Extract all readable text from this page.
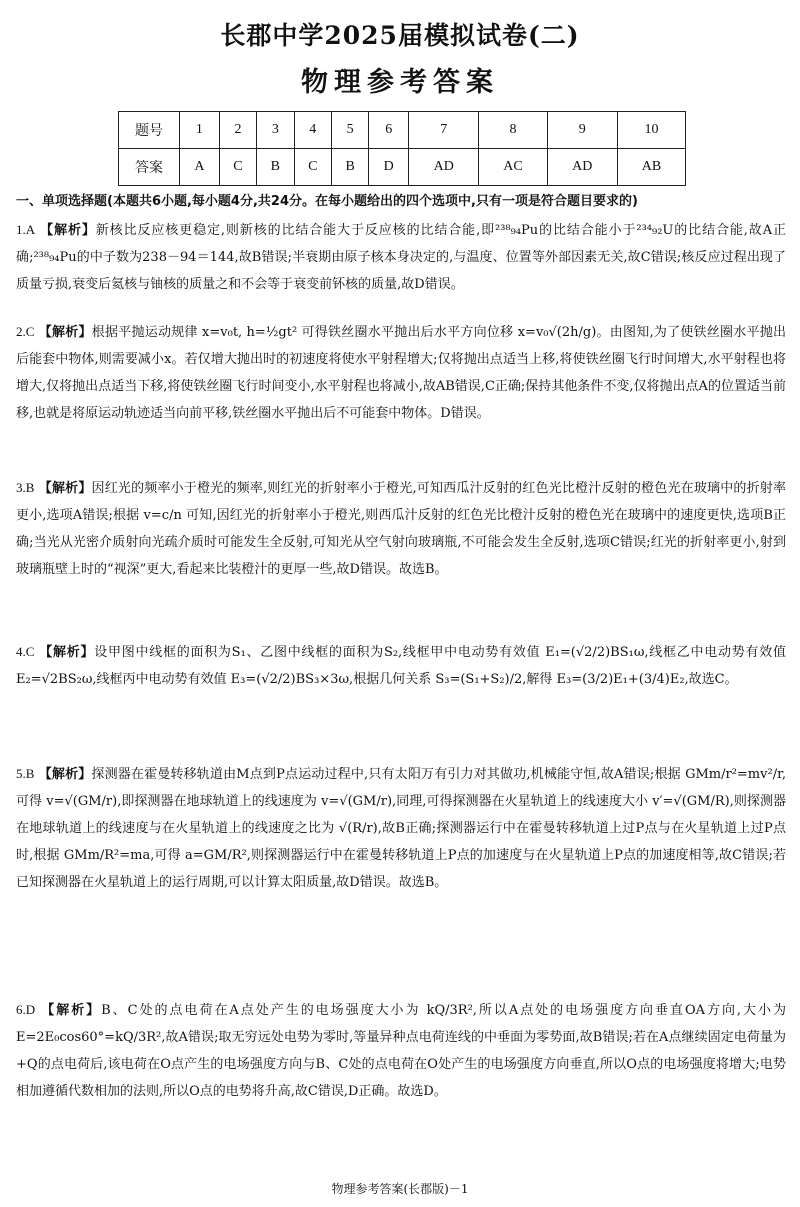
长郡中学2025届模拟试卷(二)
物理参考答案
题号	1	2	3	4	5	6	7	8	9	10
答案	A	C	B	C	B	D	AD	AC	AD	AB
一、单项选择题(本题共6小题,每小题4分,共24分。在每小题给出的四个选项中,只有一项是符合题目要求的)
1.A 【解析】新核比反应核更稳定,则新核的比结合能大于反应核的比结合能,即²³⁸₉₄Pu的比结合能小于²³⁴₉₂U的比结合能,故A正确;²³⁸₉₄Pu的中子数为238－94＝144,故B错误;半衰期由原子核本身决定的,与温度、位置等外部因素无关,故C错误;核反应过程出现了质量亏损,衰变后氦核与铀核的质量之和不会等于衰变前钚核的质量,故D错误。
2.C 【解析】根据平抛运动规律 x=v₀t, h=½gt² 可得铁丝圈水平抛出后水平方向位移 x=v₀√(2h/g)。由图知,为了使铁丝圈水平抛出后能套中物体,则需要减小x。若仅增大抛出时的初速度将使水平射程增大;仅将抛出点适当上移,将使铁丝圈飞行时间增大,水平射程也将增大,仅将抛出点适当下移,将使铁丝圈飞行时间变小,水平射程也将减小,故AB错误,C正确;保持其他条件不变,仅将抛出点A的位置适当前移,也就是将原运动轨迹适当向前平移,铁丝圈水平抛出后不可能套中物体。D错误。
3.B 【解析】因红光的频率小于橙光的频率,则红光的折射率小于橙光,可知西瓜汁反射的红色光比橙汁反射的橙色光在玻璃中的折射率更小,选项A错误;根据 v=c/n 可知,因红光的折射率小于橙光,则西瓜汁反射的红色光比橙汁反射的橙色光在玻璃中的速度更快,选项B正确;当光从光密介质射向光疏介质时可能发生全反射,可知光从空气射向玻璃瓶,不可能会发生全反射,选项C错误;红光的折射率更小,射到玻璃瓶壁上时的“视深”更大,看起来比装橙汁的更厚一些,故D错误。故选B。
4.C 【解析】设甲图中线框的面积为S₁、乙图中线框的面积为S₂,线框甲中电动势有效值 E₁=(√2/2)BS₁ω,线框乙中电动势有效值 E₂=√2BS₂ω,线框丙中电动势有效值 E₃=(√2/2)BS₃×3ω,根据几何关系 S₃=(S₁+S₂)/2,解得 E₃=(3/2)E₁+(3/4)E₂,故选C。
5.B 【解析】探测器在霍曼转移轨道由M点到P点运动过程中,只有太阳万有引力对其做功,机械能守恒,故A错误;根据 GMm/r²=mv²/r,可得 v=√(GM/r),即探测器在地球轨道上的线速度为 v=√(GM/r),同理,可得探测器在火星轨道上的线速度大小 v′=√(GM/R),则探测器在地球轨道上的线速度与在火星轨道上的线速度之比为 √(R/r),故B正确;探测器运行中在霍曼转移轨道上过P点与在火星轨道上过P点时,根据 GMm/R²=ma,可得 a=GM/R²,则探测器运行中在霍曼转移轨道上P点的加速度与在火星轨道上P点的加速度相等,故C错误;若已知探测器在火星轨道上的运行周期,可以计算太阳质量,故D错误。故选B。
6.D 【解析】B、C处的点电荷在A点处产生的电场强度大小为 kQ/3R²,所以A点处的电场强度方向垂直OA方向,大小为 E=2E₀cos60°=kQ/3R²,故A错误;取无穷远处电势为零时,等量异种点电荷连线的中垂面为零势面,故B错误;若在A点继续固定电荷量为+Q的点电荷后,该电荷在O点产生的电场强度方向与B、C处的点电荷在O处产生的电场强度方向垂直,所以O点的电场强度将增大;电势相加遵循代数相加的法则,所以O点的电势将升高,故C错误,D正确。故选D。
物理参考答案(长郡版)－1
